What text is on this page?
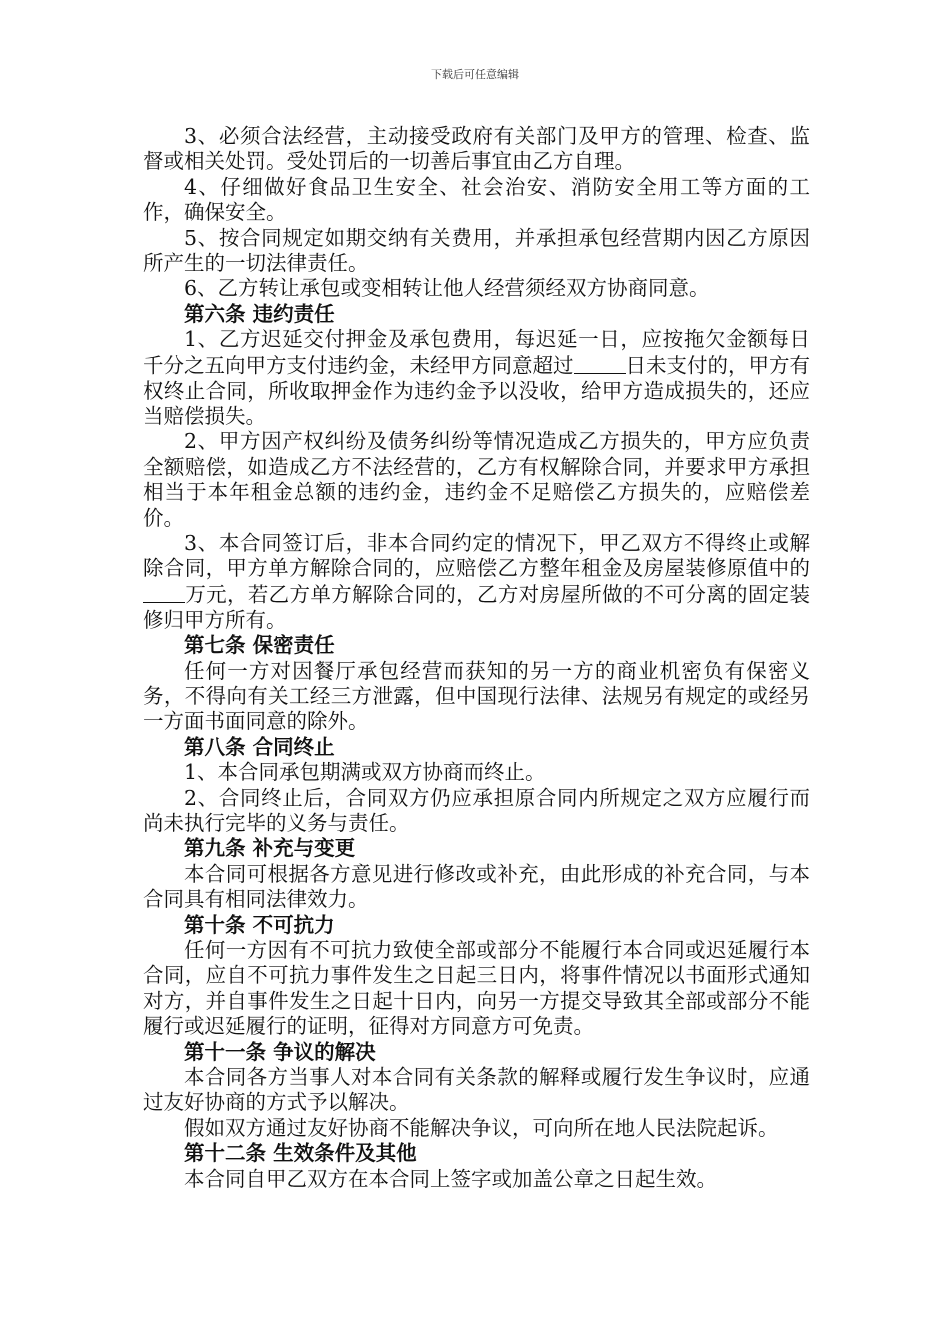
下载后可任意编辑

3、必须合法经营，主动接受政府有关部门及甲方的管理、检查、监督或相关处罚。受处罚后的一切善后事宜由乙方自理。

4、仔细做好食品卫生安全、社会治安、消防安全用工等方面的工作，确保安全。

5、按合同规定如期交纳有关费用，并承担承包经营期内因乙方原因所产生的一切法律责任。

6、乙方转让承包或变相转让他人经营须经双方协商同意。

第六条 违约责任

1、乙方迟延交付押金及承包费用，每迟延一日，应按拖欠金额每日千分之五向甲方支付违约金，未经甲方同意超过	日未支付的，甲方有权终止合同，所收取押金作为违约金予以没收，给甲方造成损失的，还应当赔偿损失。

2、甲方因产权纠纷及债务纠纷等情况造成乙方损失的，甲方应负责全额赔偿，如造成乙方不法经营的，乙方有权解除合同，并要求甲方承担相当于本年租金总额的违约金，违约金不足赔偿乙方损失的，应赔偿差价。

3、本合同签订后，非本合同约定的情况下，甲乙双方不得终止或解除合同，甲方单方解除合同的，应赔偿乙方整年租金及房屋装修原值中的万元，若乙方单方解除合同的，乙方对房屋所做的不可分离的固定装修归甲方所有。

第七条 保密责任

任何一方对因餐厅承包经营而获知的另一方的商业机密负有保密义务，不得向有关工经三方泄露，但中国现行法律、法规另有规定的或经另一方面书面同意的除外。

第八条 合同终止

1、本合同承包期满或双方协商而终止。

2、合同终止后，合同双方仍应承担原合同内所规定之双方应履行而尚未执行完毕的义务与责任。

第九条 补充与变更

本合同可根据各方意见进行修改或补充，由此形成的补充合同，与本合同具有相同法律效力。

第十条 不可抗力

任何一方因有不可抗力致使全部或部分不能履行本合同或迟延履行本合同，应自不可抗力事件发生之日起三日内，将事件情况以书面形式通知对方，并自事件发生之日起十日内，向另一方提交导致其全部或部分不能履行或迟延履行的证明，征得对方同意方可免责。

第十一条 争议的解决

本合同各方当事人对本合同有关条款的解释或履行发生争议时，应通过友好协商的方式予以解决。

假如双方通过友好协商不能解决争议，可向所在地人民法院起诉。

第十二条 生效条件及其他

本合同自甲乙双方在本合同上签字或加盖公章之日起生效。
